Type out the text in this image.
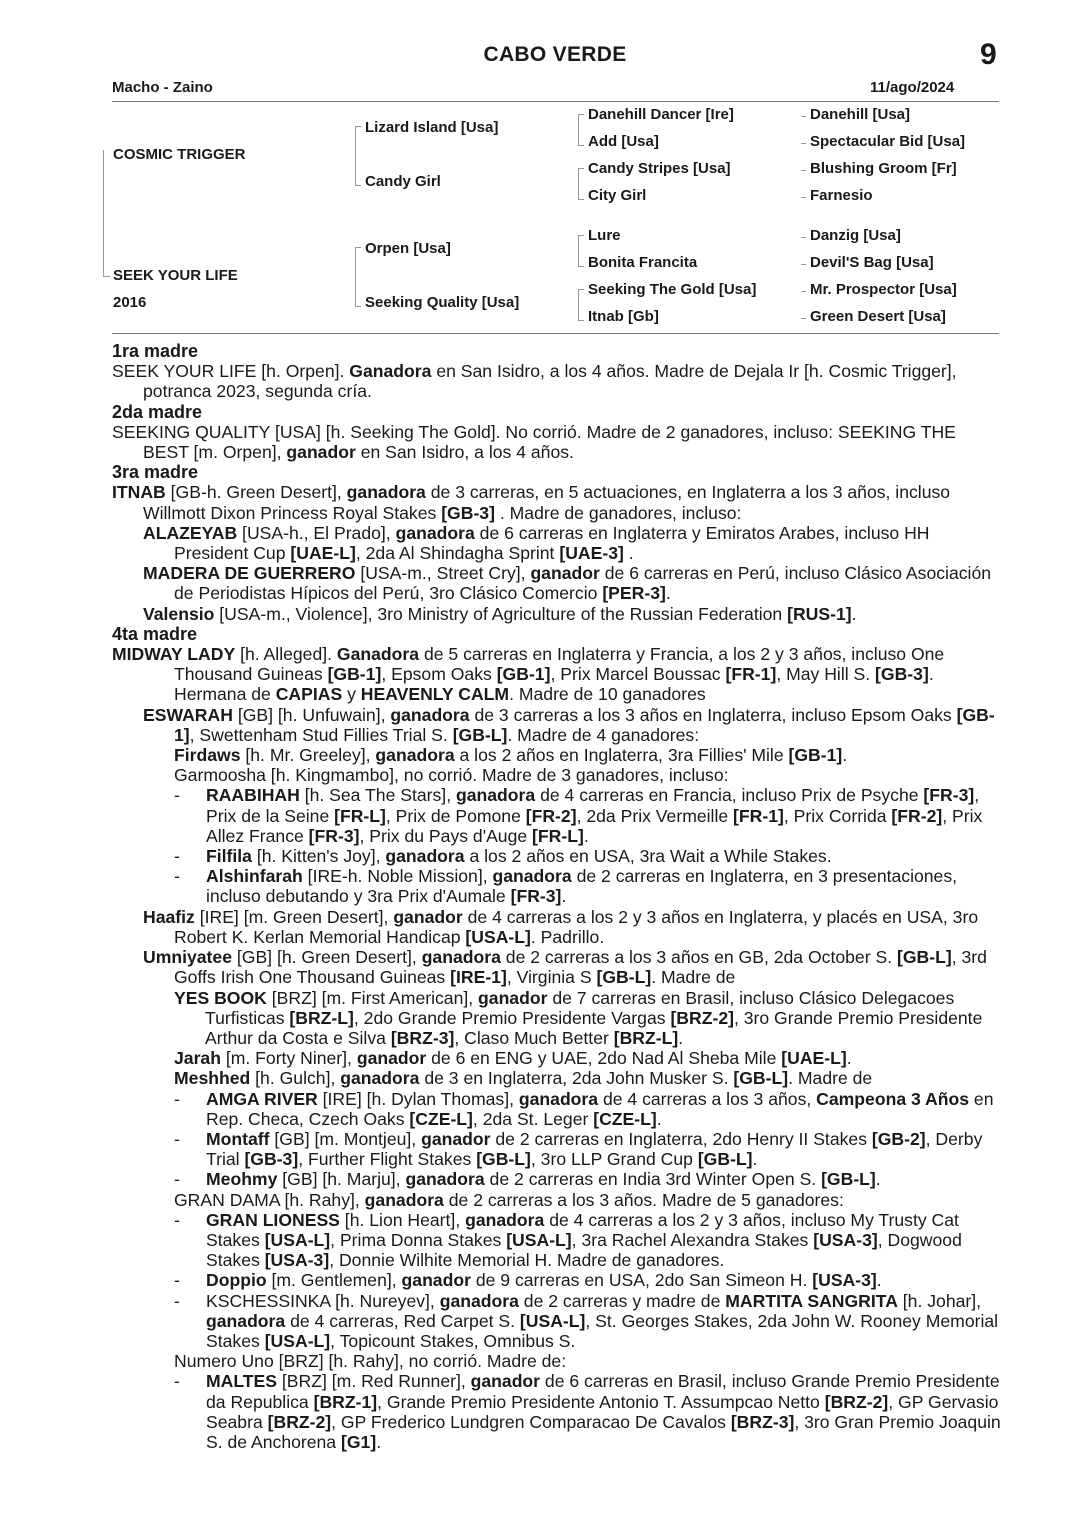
CABO VERDE	9
Macho - Zaino	11/ago/2024
COSMIC TRIGGER
SEEK YOUR LIFE
2016
Lizard Island [Usa]
Candy Girl
Orpen [Usa]
Seeking Quality [Usa]
Danehill Dancer [Ire]
Add [Usa]
Candy Stripes [Usa]
City Girl
Lure
Bonita Francita
Seeking The Gold [Usa]
Itnab [Gb]
Danehill [Usa]
Spectacular Bid [Usa]
Blushing Groom [Fr]
Farnesio
Danzig [Usa]
Devil'S Bag [Usa]
Mr. Prospector [Usa]
Green Desert [Usa]
1ra madre
SEEK YOUR LIFE [h. Orpen]. Ganadora en San Isidro, a los 4 años. Madre de Dejala Ir [h. Cosmic Trigger], potranca 2023, segunda cría.
2da madre
SEEKING QUALITY [USA] [h. Seeking The Gold]. No corrió. Madre de 2 ganadores, incluso: SEEKING THE BEST [m. Orpen], ganador en San Isidro, a los 4 años.
3ra madre
ITNAB [GB-h. Green Desert], ganadora de 3 carreras, en 5 actuaciones, en Inglaterra a los 3 años, incluso Willmott Dixon Princess Royal Stakes [GB-3] . Madre de ganadores, incluso:
ALAZEYAB [USA-h., El Prado], ganadora de 6 carreras en Inglaterra y Emiratos Arabes, incluso HH President Cup [UAE-L], 2da Al Shindagha Sprint [UAE-3] .
MADERA DE GUERRERO [USA-m., Street Cry], ganador de 6 carreras en Perú, incluso Clásico Asociación de Periodistas Hípicos del Perú, 3ro Clásico Comercio [PER-3].
Valensio [USA-m., Violence], 3ro Ministry of Agriculture of the Russian Federation [RUS-1].
4ta madre
MIDWAY LADY [h. Alleged]. Ganadora de 5 carreras en Inglaterra y Francia, a los 2 y 3 años, incluso One Thousand Guineas [GB-1], Epsom Oaks [GB-1], Prix Marcel Boussac [FR-1], May Hill S. [GB-3]. Hermana de CAPIAS y HEAVENLY CALM. Madre de 10 ganadores
ESWARAH [GB] [h. Unfuwain], ganadora de 3 carreras a los 3 años en Inglaterra, incluso Epsom Oaks [GB-1], Swettenham Stud Fillies Trial S. [GB-L]. Madre de 4 ganadores:
Firdaws [h. Mr. Greeley], ganadora a los 2 años en Inglaterra, 3ra Fillies' Mile [GB-1].
Garmoosha [h. Kingmambo], no corrió. Madre de 3 ganadores, incluso:
- RAABIHAH [h. Sea The Stars], ganadora de 4 carreras en Francia, incluso Prix de Psyche [FR-3], Prix de la Seine [FR-L], Prix de Pomone [FR-2], 2da Prix Vermeille [FR-1], Prix Corrida [FR-2], Prix Allez France [FR-3], Prix du Pays d'Auge [FR-L].
- Filfila [h. Kitten's Joy], ganadora a los 2 años en USA, 3ra Wait a While Stakes.
- Alshinfarah [IRE-h. Noble Mission], ganadora de 2 carreras en Inglaterra, en 3 presentaciones, incluso debutando y 3ra Prix d'Aumale [FR-3].
Haafiz [IRE] [m. Green Desert], ganador de 4 carreras a los 2 y 3 años en Inglaterra, y placés en USA, 3ro Robert K. Kerlan Memorial Handicap [USA-L]. Padrillo.
Umniyatee [GB] [h. Green Desert], ganadora de 2 carreras a los 3 años en GB, 2da October S. [GB-L], 3rd Goffs Irish One Thousand Guineas [IRE-1], Virginia S [GB-L]. Madre de
YES BOOK [BRZ] [m. First American], ganador de 7 carreras en Brasil, incluso Clásico Delegacoes Turfisticas [BRZ-L], 2do Grande Premio Presidente Vargas [BRZ-2], 3ro Grande Premio Presidente Arthur da Costa e Silva [BRZ-3], Claso Much Better [BRZ-L].
Jarah [m. Forty Niner], ganador de 6 en ENG y UAE, 2do Nad Al Sheba Mile [UAE-L].
Meshhed [h. Gulch], ganadora de 3 en Inglaterra, 2da John Musker S. [GB-L]. Madre de
- AMGA RIVER [IRE] [h. Dylan Thomas], ganadora de 4 carreras a los 3 años, Campeona 3 Años en Rep. Checa, Czech Oaks [CZE-L], 2da St. Leger [CZE-L].
- Montaff [GB] [m. Montjeu], ganador de 2 carreras en Inglaterra, 2do Henry II Stakes [GB-2], Derby Trial [GB-3], Further Flight Stakes [GB-L], 3ro LLP Grand Cup [GB-L].
- Meohmy [GB] [h. Marju], ganadora de 2 carreras en India 3rd Winter Open S. [GB-L].
GRAN DAMA [h. Rahy], ganadora de 2 carreras a los 3 años. Madre de 5 ganadores:
- GRAN LIONESS [h. Lion Heart], ganadora de 4 carreras a los 2 y 3 años, incluso My Trusty Cat Stakes [USA-L], Prima Donna Stakes [USA-L], 3ra Rachel Alexandra Stakes [USA-3], Dogwood Stakes [USA-3], Donnie Wilhite Memorial H. Madre de ganadores.
- Doppio [m. Gentlemen], ganador de 9 carreras en USA, 2do San Simeon H. [USA-3].
- KSCHESSINKA [h. Nureyev], ganadora de 2 carreras y madre de MARTITA SANGRITA [h. Johar], ganadora de 4 carreras, Red Carpet S. [USA-L], St. Georges Stakes, 2da John W. Rooney Memorial Stakes [USA-L], Topicount Stakes, Omnibus S.
Numero Uno [BRZ] [h. Rahy], no corrió. Madre de:
- MALTES [BRZ] [m. Red Runner], ganador de 6 carreras en Brasil, incluso Grande Premio Presidente da Republica [BRZ-1], Grande Premio Presidente Antonio T. Assumpcao Netto [BRZ-2], GP Gervasio Seabra [BRZ-2], GP Frederico Lundgren Comparacao De Cavalos [BRZ-3], 3ro Gran Premio Joaquin S. de Anchorena [G1].
